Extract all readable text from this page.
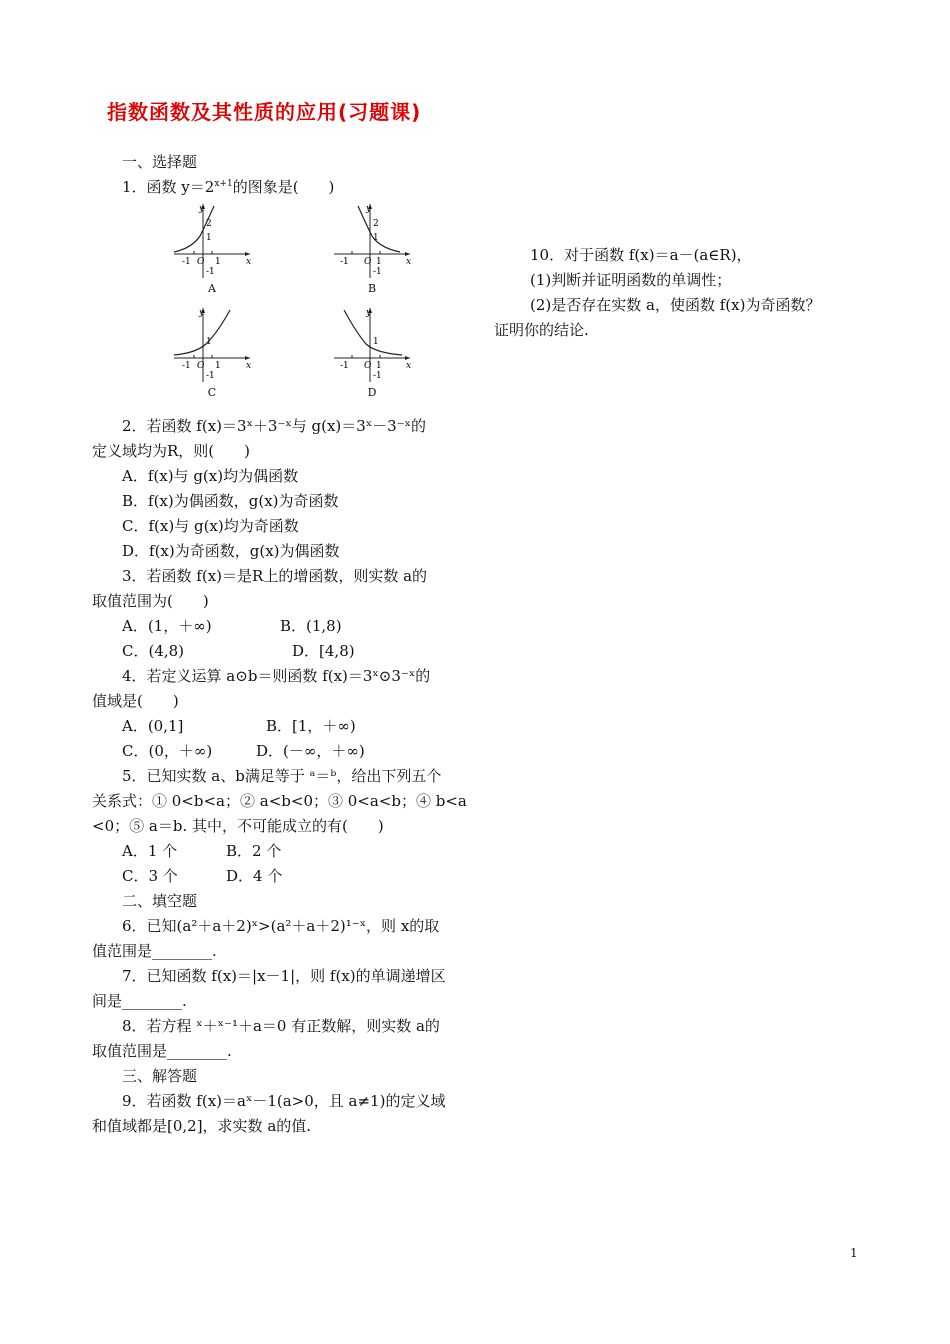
指数函数及其性质的应用(习题课)
一、选择题
1．函数 $y=2^{x+1}$的图象是(　　)
y
x
2
1
-1 O 1
-1
A
y
x
2
1
-1 O 1
-1
B
y
x
1
-1 O 1
-1
C
y
x
1
-1 O 1
-1
D
2．若函数 f(x)＝3ˣ＋3⁻ˣ与 g(x)＝3ˣ－3⁻ˣ的
定义域均为R，则(　　)
A．f(x)与 g(x)均为偶函数
B．f(x)为偶函数，g(x)为奇函数
C．f(x)与 g(x)均为奇函数
D．f(x)为奇函数，g(x)为偶函数
3．若函数 f(x)＝是R上的增函数，则实数 a的
取值范围为(　　)
A．(1，＋∞)	B．(1,8)
C．(4,8)	D．[4,8)
4．若定义运算 a⊙b＝则函数 f(x)＝3ˣ⊙3⁻ˣ的
值域是(　　)
A．(0,1]	B．[1，＋∞)
C．(0，＋∞)	D．(－∞，＋∞)
5．已知实数 a、b满足等于 ᵃ＝ᵇ，给出下列五个
关系式：① 0<b<a；② a<b<0；③ 0<a<b；④ b<a
<0；⑤ a＝b. 其中，不可能成立的有(　　)
A．1 个	B．2 个
C．3 个	D．4 个
二、填空题
6．已知(a²＋a＋2)ˣ>(a²＋a＋2)¹⁻ˣ，则 x的取
值范围是________.
7．已知函数 f(x)＝|x－1|，则 f(x)的单调递增区
间是________.
8．若方程 ˣ＋ˣ⁻¹＋a＝0 有正数解，则实数 a的
取值范围是________.
三、解答题
9．若函数 f(x)＝aˣ－1(a>0，且 a≠1)的定义域
和值域都是[0,2]，求实数 a的值.
10．对于函数 f(x)＝a－(a∈R)，
(1)判断并证明函数的单调性；
(2)是否存在实数 a，使函数 f(x)为奇函数？
证明你的结论.
1
